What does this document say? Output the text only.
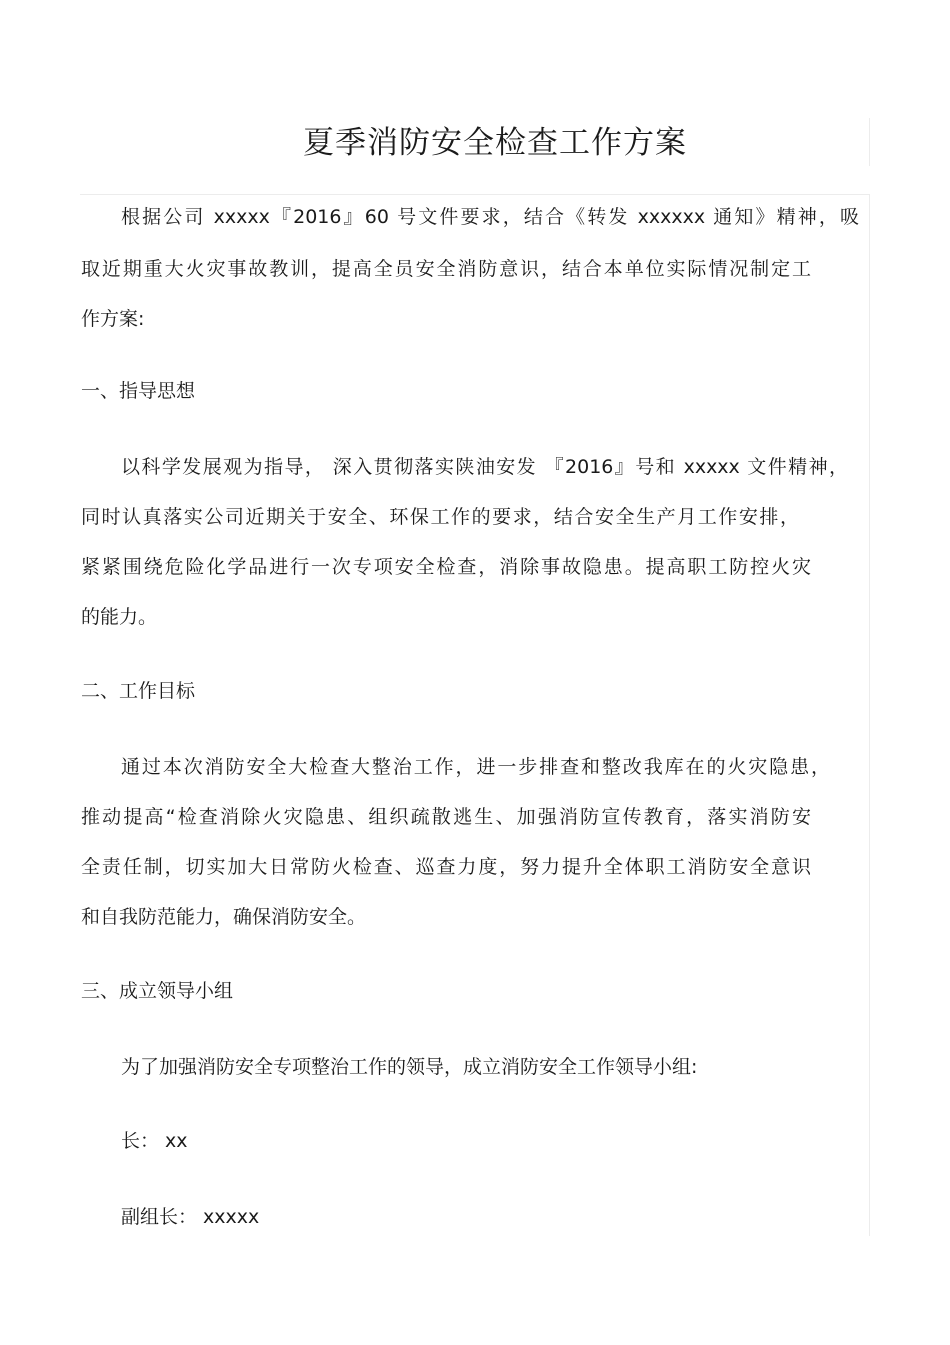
夏季消防安全检查工作方案

根据公司 xxxxx『2016』60 号文件要求，结合《转发 xxxxxx 通知》精神，吸

取近期重大火灾事故教训，提高全员安全消防意识，结合本单位实际情况制定工

作方案:

一、指导思想

以科学发展观为指导， 深入贯彻落实陕油安发 『2016』号和 xxxxx 文件精神，

同时认真落实公司近期关于安全、环保工作的要求，结合安全生产月工作安排，

紧紧围绕危险化学品进行一次专项安全检查，消除事故隐患。提高职工防控火灾

的能力。

二、工作目标

通过本次消防安全大检查大整治工作，进一步排查和整改我库在的火灾隐患，

推动提高“检查消除火灾隐患、组织疏散逃生、加强消防宣传教育，落实消防安

全责任制，切实加大日常防火检查、巡查力度，努力提升全体职工消防安全意识

和自我防范能力，确保消防安全。

三、成立领导小组

为了加强消防安全专项整治工作的领导，成立消防安全工作领导小组:

长： xx

副组长： xxxxx
